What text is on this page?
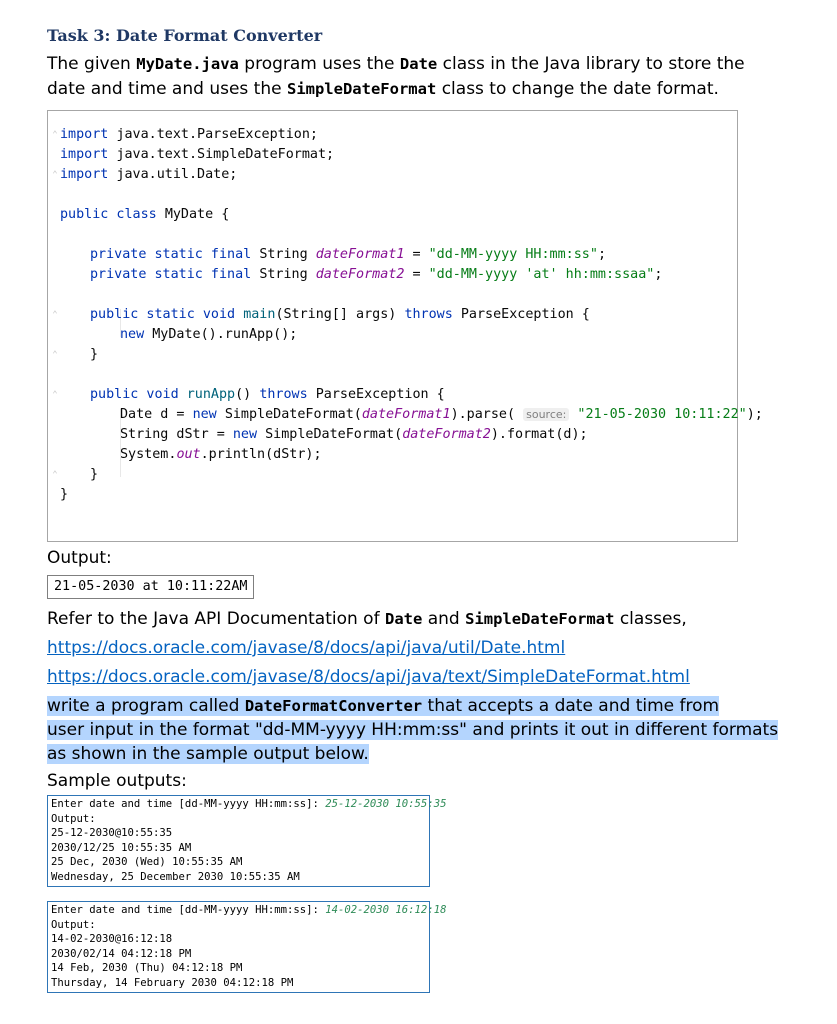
Task 3: Date Format Converter
The given MyDate.java program uses the Date class in the Java library to store the
date and time and uses the SimpleDateFormat class to change the date format.
⌃
⌃
⌃
⌃
⌃
⌃
import java.text.ParseException;
import java.text.SimpleDateFormat;
import java.util.Date;
public class MyDate {
private static final String dateFormat1 = "dd-MM-yyyy HH:mm:ss";
private static final String dateFormat2 = "dd-MM-yyyy 'at' hh:mm:ssaa";
public static void main(String[] args) throws ParseException {
new MyDate().runApp();
}
public void runApp() throws ParseException {
Date d = new SimpleDateFormat(dateFormat1).parse( source: "21-05-2030 10:11:22");
String dStr = new SimpleDateFormat(dateFormat2).format(d);
System.out.println(dStr);
}
}
Output:
21-05-2030 at 10:11:22AM
Refer to the Java API Documentation of Date and SimpleDateFormat classes,
https://docs.oracle.com/javase/8/docs/api/java/util/Date.html
https://docs.oracle.com/javase/8/docs/api/java/text/SimpleDateFormat.html
write a program called DateFormatConverter that accepts a date and time from
user input in the format "dd-MM-yyyy HH:mm:ss" and prints it out in different formats
as shown in the sample output below.
Sample outputs:
Enter date and time [dd-MM-yyyy HH:mm:ss]: 25-12-2030 10:55:35
Output:
25-12-2030@10:55:35
2030/12/25 10:55:35 AM
25 Dec, 2030 (Wed) 10:55:35 AM
Wednesday, 25 December 2030 10:55:35 AM
Enter date and time [dd-MM-yyyy HH:mm:ss]: 14-02-2030 16:12:18
Output:
14-02-2030@16:12:18
2030/02/14 04:12:18 PM
14 Feb, 2030 (Thu) 04:12:18 PM
Thursday, 14 February 2030 04:12:18 PM
